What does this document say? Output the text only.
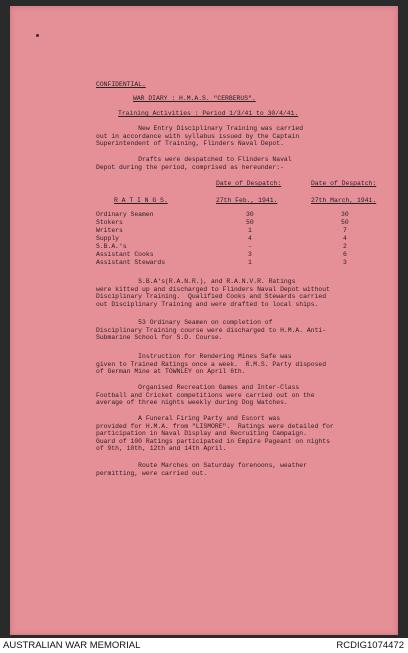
CONFIDENTIAL.
WAR DIARY : H.M.A.S. "CERBERUS".
Training Activities : Period 1/3/41 to 30/4/41.
New Entry Disciplinary Training was carried
out in accordance with syllabus issued by the Captain
Superintendent of Training, Flinders Naval Depot.
Drafts were despatched to Flinders Naval
Depot during the period, comprised as hereunder:-
Date of Despatch:	Date of Despatch:
R A T I N G S.	27th Feb., 1941.	27th March, 1941.
Ordinary Seamen	30	30
Stokers	50	50
Writers	1	7
Supply	4	4
S.B.A.'s	-	2
Assistant Cooks	3	6
Assistant Stewards	1	3
S.B.A's(R.A.N.R.), and R.A.N.V.R. Ratings
were kitted up and discharged to Flinders Naval Depot without
Disciplinary Training.  Qualified Cooks and Stewards carried
out Disciplinary Training and were drafted to local ships.
53 Ordinary Seamen on completion of
Disciplinary Training course were discharged to H.M.A. Anti-
Submarine School for S.D. Course.
Instruction for Rendering Mines Safe was
given to Trained Ratings once a week.  R.M.S. Party disposed
of German Mine at TOWNLEY on April 6th.
Organised Recreation Games and Inter-Class
Football and Cricket competitions were carried out on the
average of three nights weekly during Dog Watches.
A Funeral Firing Party and Escort was
provided for H.M.A. from "LISMORE".  Ratings were detailed for
participation in Naval Display and Recruiting Campaign.
Guard of 100 Ratings participated in Empire Pageant on nights
of 9th, 10th, 12th and 14th April.
Route Marches on Saturday forenoons, weather
permitting, were carried out.
AUSTRALIAN WAR MEMORIAL	RCDIG1074472
